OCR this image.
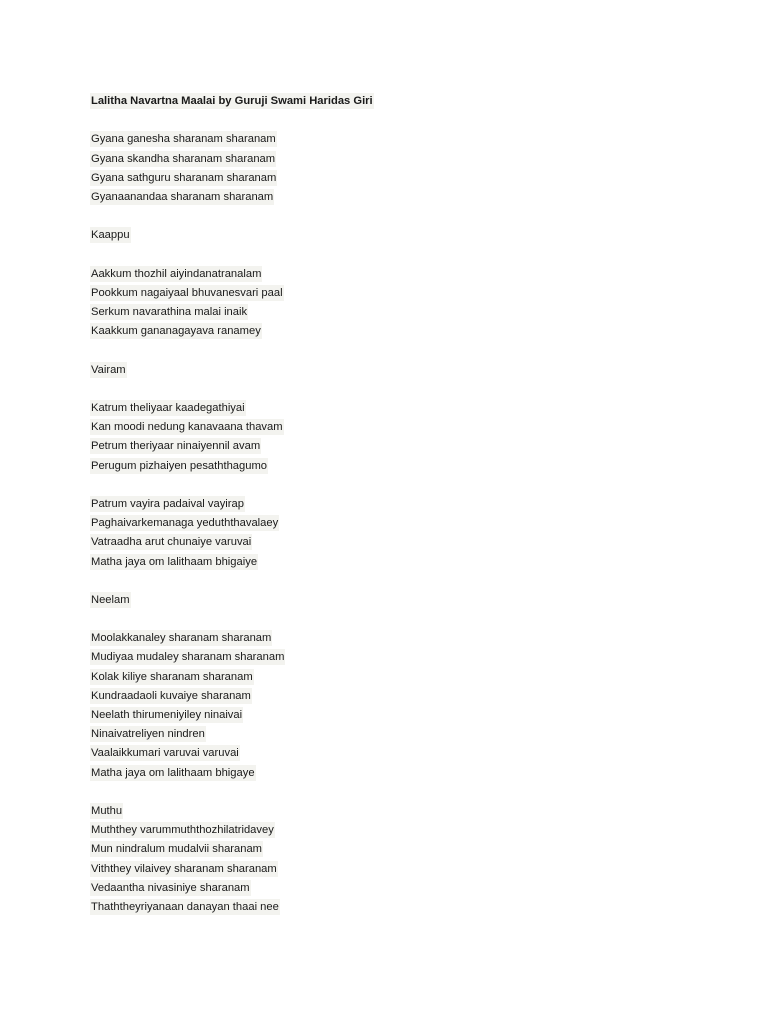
Lalitha Navartna Maalai by Guruji Swami Haridas Giri
Gyana ganesha sharanam sharanam
Gyana skandha sharanam sharanam
Gyana sathguru sharanam sharanam
Gyanaanandaa sharanam sharanam
Kaappu
Aakkum thozhil aiyindanatranalam
Pookkum nagaiyaal bhuvanesvari paal
Serkum navarathina malai inaik
Kaakkum gananagayava ranamey
Vairam
Katrum theliyaar kaadegathiyai
Kan moodi nedung kanavaana thavam
Petrum theriyaar ninaiyennil avam
Perugum pizhaiyen pesaththagumo
Patrum vayira padaival vayirap
Paghaivarkemanaga yeduththavalaey
Vatraadha arut chunaiye varuvai
Matha jaya om lalithaam bhigaiye
Neelam
Moolakkanaley sharanam sharanam
Mudiyaa mudaley sharanam sharanam
Kolak kiliye sharanam sharanam
Kundraadaoli kuvaiye sharanam
Neelath thirumeniyiley ninaivai
Ninaivatreliyen nindren
Vaalaikkumari varuvai varuvai
Matha jaya om lalithaam bhigaye
Muthu
Muththey varummuththozhilatridavey
Mun nindralum mudalvii sharanam
Viththey vilaivey sharanam sharanam
Vedaantha nivasiniye sharanam
Thaththeyriyanaan danayan thaai nee
